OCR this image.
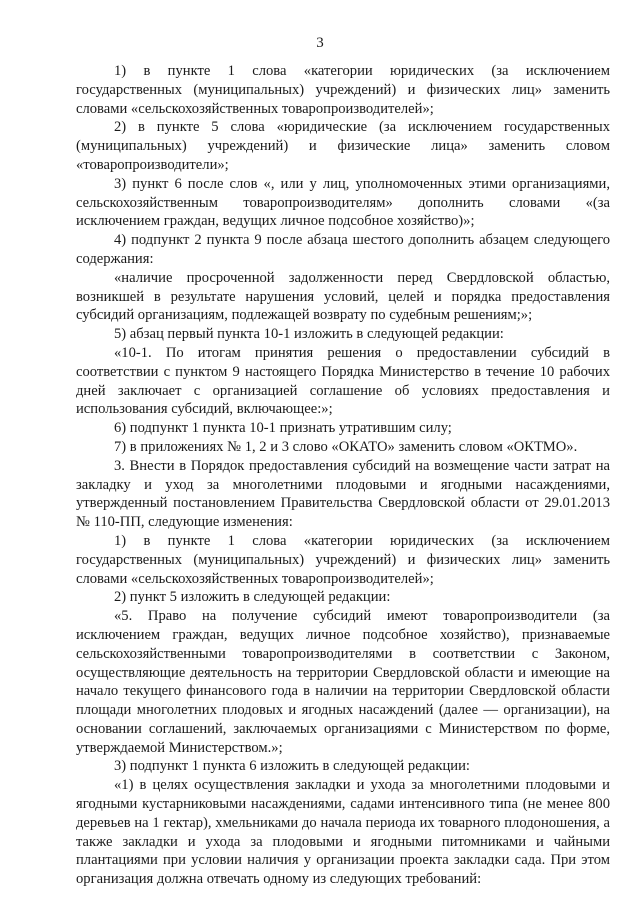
3

1) в пункте 1 слова «категории юридических (за исключением государственных (муниципальных) учреждений) и физических лиц» заменить словами «сельскохозяйственных товаропроизводителей»;

2) в пункте 5 слова «юридические (за исключением государственных (муниципальных) учреждений) и физические лица» заменить словом «товаропроизводители»;

3) пункт 6 после слов «, или у лиц, уполномоченных этими организациями, сельскохозяйственным товаропроизводителям» дополнить словами «(за исключением граждан, ведущих личное подсобное хозяйство)»;

4) подпункт 2 пункта 9 после абзаца шестого дополнить абзацем следующего содержания:

«наличие просроченной задолженности перед Свердловской областью, возникшей в результате нарушения условий, целей и порядка предоставления субсидий организациям, подлежащей возврату по судебным решениям;»;

5) абзац первый пункта 10-1 изложить в следующей редакции:

«10-1. По итогам принятия решения о предоставлении субсидий в соответствии с пунктом 9 настоящего Порядка Министерство в течение 10 рабочих дней заключает с организацией соглашение об условиях предоставления и использования субсидий, включающее:»;

6) подпункт 1 пункта 10-1 признать утратившим силу;

7) в приложениях № 1, 2 и 3 слово «ОКАТО» заменить словом «ОКТМО».

3. Внести в Порядок предоставления субсидий на возмещение части затрат на закладку и уход за многолетними плодовыми и ягодными насаждениями, утвержденный постановлением Правительства Свердловской области от 29.01.2013 № 110-ПП, следующие изменения:

1) в пункте 1 слова «категории юридических (за исключением государственных (муниципальных) учреждений) и физических лиц» заменить словами «сельскохозяйственных товаропроизводителей»;

2) пункт 5 изложить в следующей редакции:

«5. Право на получение субсидий имеют товаропроизводители (за исключением граждан, ведущих личное подсобное хозяйство), признаваемые сельскохозяйственными товаропроизводителями в соответствии с Законом, осуществляющие деятельность на территории Свердловской области и имеющие на начало текущего финансового года в наличии на территории Свердловской области площади многолетних плодовых и ягодных насаждений (далее — организации), на основании соглашений, заключаемых организациями с Министерством по форме, утверждаемой Министерством.»;

3) подпункт 1 пункта 6 изложить в следующей редакции:

«1) в целях осуществления закладки и ухода за многолетними плодовыми и ягодными кустарниковыми насаждениями, садами интенсивного типа (не менее 800 деревьев на 1 гектар), хмельниками до начала периода их товарного плодоношения, а также закладки и ухода за плодовыми и ягодными питомниками и чайными плантациями при условии наличия у организации проекта закладки сада. При этом организация должна отвечать одному из следующих требований:
